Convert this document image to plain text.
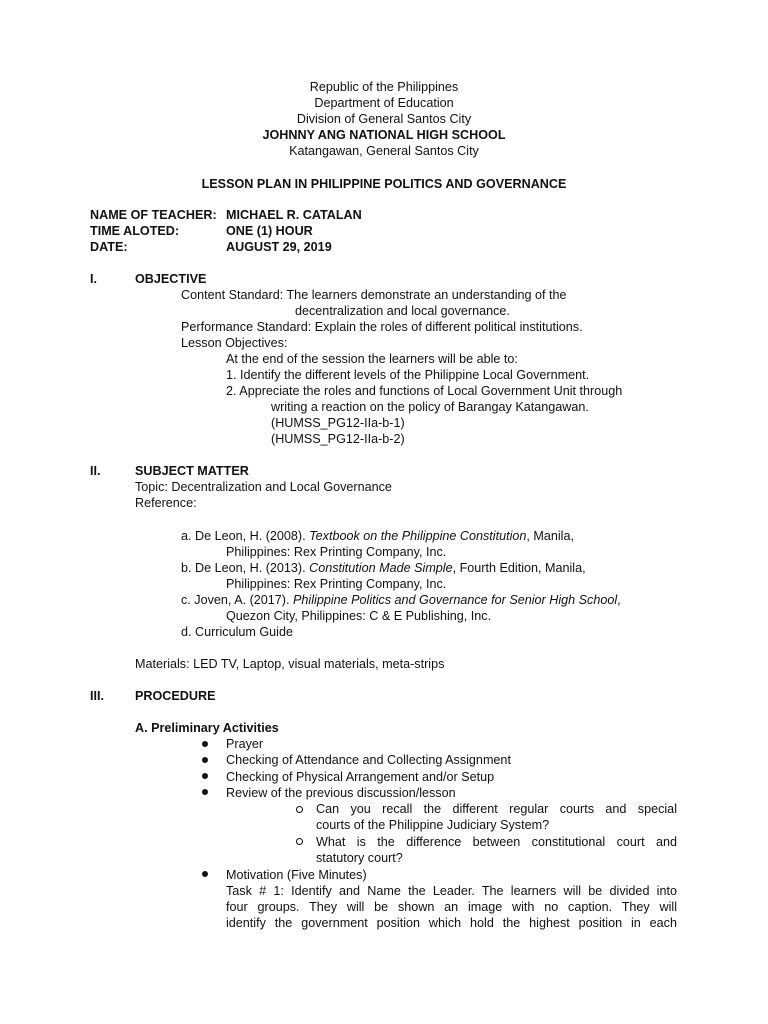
Republic of the Philippines
Department of Education
Division of General Santos City
JOHNNY ANG NATIONAL HIGH SCHOOL
Katangawan, General Santos City
LESSON PLAN IN PHILIPPINE POLITICS AND GOVERNANCE
NAME OF TEACHER: MICHAEL R. CATALAN
TIME ALOTED:	ONE (1) HOUR
DATE:	AUGUST 29, 2019
I.	OBJECTIVE
Content Standard: The learners demonstrate an understanding of the
decentralization and local governance.
Performance Standard: Explain the roles of different political institutions.
Lesson Objectives:
At the end of the session the learners will be able to:
1. Identify the different levels of the Philippine Local Government.
2. Appreciate the roles and functions of Local Government Unit through
writing a reaction on the policy of Barangay Katangawan.
(HUMSS_PG12-IIa-b-1)
(HUMSS_PG12-IIa-b-2)
II.	SUBJECT MATTER
Topic: Decentralization and Local Governance
Reference:
a. De Leon, H. (2008). Textbook on the Philippine Constitution, Manila,
Philippines: Rex Printing Company, Inc.
b. De Leon, H. (2013). Constitution Made Simple, Fourth Edition, Manila,
Philippines: Rex Printing Company, Inc.
c. Joven, A. (2017). Philippine Politics and Governance for Senior High School,
Quezon City, Philippines: C & E Publishing, Inc.
d. Curriculum Guide
Materials: LED TV, Laptop, visual materials, meta-strips
III. PROCEDURE
A. Preliminary Activities
Prayer
Checking of Attendance and Collecting Assignment
Checking of Physical Arrangement and/or Setup
Review of the previous discussion/lesson
Can you recall the different regular courts and special
courts of the Philippine Judiciary System?
What is the difference between constitutional court and
statutory court?
Motivation (Five Minutes)
Task # 1: Identify and Name the Leader. The learners will be divided into
four groups. They will be shown an image with no caption. They will
identify the government position which hold the highest position in each
